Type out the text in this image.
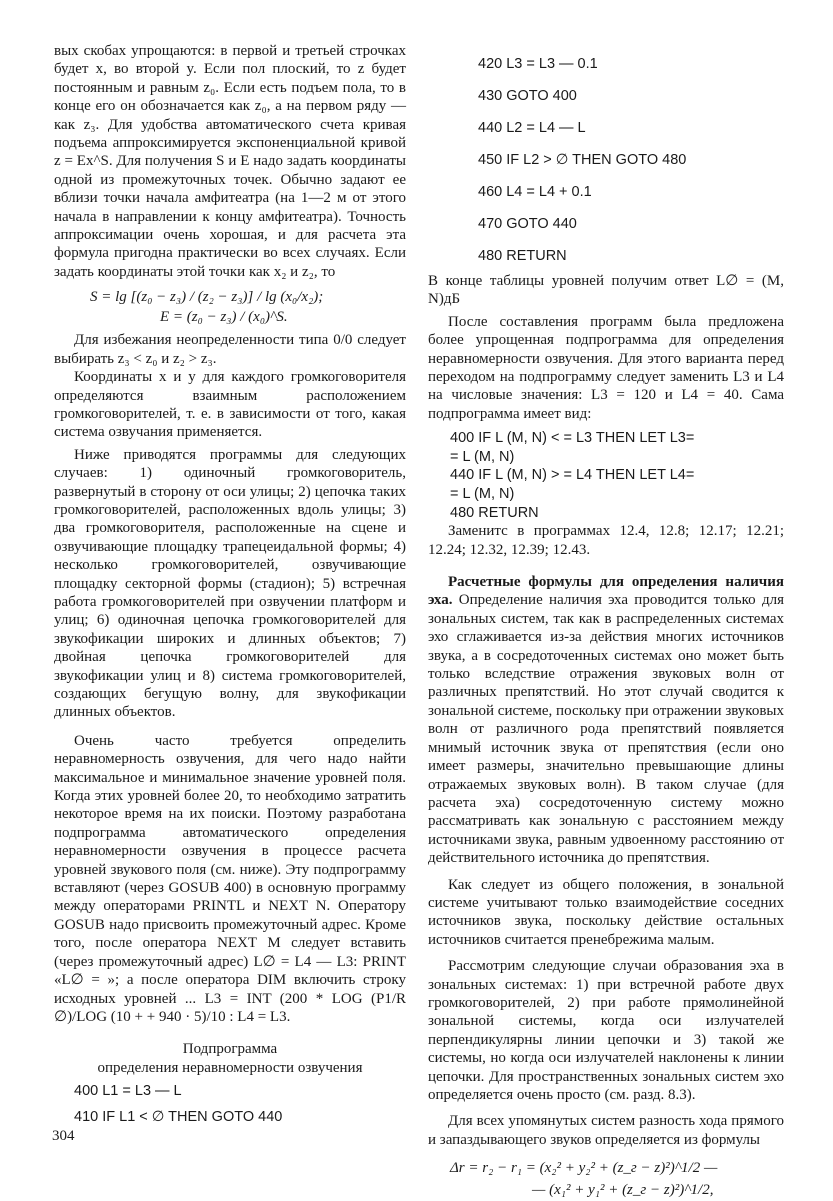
вых скобах упрощаются: в первой и третьей строчках будет x, во второй y. Если пол плоский, то z будет постоянным и равным z₀. Если есть подъем пола, то в конце его он обозначается как z₀, а на первом ряду — как z₃. Для удобства автоматического счета кривая подъема аппроксимируется экспоненциальной кривой z = Ex^S. Для получения S и E надо задать координаты одной из промежуточных точек. Обычно задают ее вблизи точки начала амфитеатра (на 1—2 м от этого начала в направлении к концу амфитеатра). Точность аппроксимации очень хорошая, и для расчета эта формула пригодна практически во всех случаях. Если задать координаты этой точки как x₂ и z₂, то

S = lg [(z₀ − z₃) / (z₂ − z₃)] / lg (x₀/x₂);
E = (z₀ − z₃) / (x₀)^S.

Для избежания неопределенности типа 0/0 следует выбирать z₃ < z₀ и z₂ > z₃.

Координаты x и y для каждого громкоговорителя определяются взаимным расположением громкоговорителей, т. е. в зависимости от того, какая система озвучания применяется.

Ниже приводятся программы для следующих случаев: 1) одиночный громкоговоритель, развернутый в сторону от оси улицы; 2) цепочка таких громкоговорителей, расположенных вдоль улицы; 3) два громкоговорителя, расположенные на сцене и озвучивающие площадку трапецеидальной формы; 4) несколько громкоговорителей, озвучивающие площадку секторной формы (стадион); 5) встречная работа громкоговорителей при озвучении платформ и улиц; 6) одиночная цепочка громкоговорителей для звукофикации широких и длинных объектов; 7) двойная цепочка громкоговорителей для звукофикации улиц и 8) система громкоговорителей, создающих бегущую волну, для звукофикации длинных объектов.

Очень часто требуется определить неравномерность озвучения, для чего надо найти максимальное и минимальное значение уровней поля. Когда этих уровней более 20, то необходимо затратить некоторое время на их поиски. Поэтому разработана подпрограмма автоматического определения неравномерности озвучения в процессе расчета уровней звукового поля (см. ниже). Эту подпрограмму вставляют (через GOSUB 400) в основную программу между операторами PRINTL и NEXT N. Оператору GOSUB надо присвоить промежуточный адрес. Кроме того, после оператора NEXT M следует вставить (через промежуточный адрес) L∅ = L4 — L3: PRINT «L∅ = »; а после оператора DIM включить строку исходных уровней ... L3 = INT (200 * LOG (P1/R ∅)/LOG (10 + + 940 · 5)/10 : L4 = L3.

Подпрограмма
определения неравномерности озвучения
400 L1 = L3 — L
410 IF L1 < ∅ THEN GOTO 440
420 L3 = L3 — 0.1
430 GOTO 400
440 L2 = L4 — L
450 IF L2 > ∅ THEN GOTO 480
460 L4 = L4 + 0.1
470 GOTO 440
480 RETURN

В конце таблицы уровней получим ответ L∅ = (M, N)дБ

После составления программ была предложена более упрощенная подпрограмма для определения неравномерности озвучения. Для этого варианта перед переходом на подпрограмму следует заменить L3 и L4 на числовые значения: L3 = 120 и L4 = 40. Сама подпрограмма имеет вид:

400 IF L (M, N) < = L3 THEN LET L3=
= L (M, N)
440 IF L (M, N) > = L4 THEN LET L4=
= L (M, N)
480 RETURN

Заменитс в программах 12.4, 12.8; 12.17; 12.21; 12.24; 12.32, 12.39; 12.43.

Расчетные формулы для определения наличия эха. Определение наличия эха проводится только для зональных систем, так как в распределенных системах эхо сглаживается из-за действия многих источников звука, а в сосредоточенных системах оно может быть только вследствие отражения звуковых волн от различных препятствий. Но этот случай сводится к зональной системе, поскольку при отражении звуковых волн от различного рода препятствий появляется мнимый источник звука от препятствия (если оно имеет размеры, значительно превышающие длины отражаемых звуковых волн). В таком случае (для расчета эха) сосредоточенную систему можно рассматривать как зональную с расстоянием между источниками звука, равным удвоенному расстоянию от действительного источника до препятствия.

Как следует из общего положения, в зональной системе учитывают только взаимодействие соседних источников звука, поскольку действие остальных источников считается пренебрежима малым.

Рассмотрим следующие случаи образования эха в зональных системах: 1) при встречной работе двух громкоговорителей, 2) при работе прямолинейной зональной системы, когда оси излучателей перпендикулярны линии цепочки и 3) такой же системы, но когда оси излучателей наклонены к линии цепочки. Для пространственных зональных систем эхо определяется очень просто (см. разд. 8.3).

Для всех упомянутых систем разность хода прямого и запаздывающего звуков определяется из формулы

Δr = r₂ − r₁ = (x₂² + y₂² + (z_г − z)²)^1/2 —
— (x₁² + y₁² + (z_г − z)²)^1/2,
304
